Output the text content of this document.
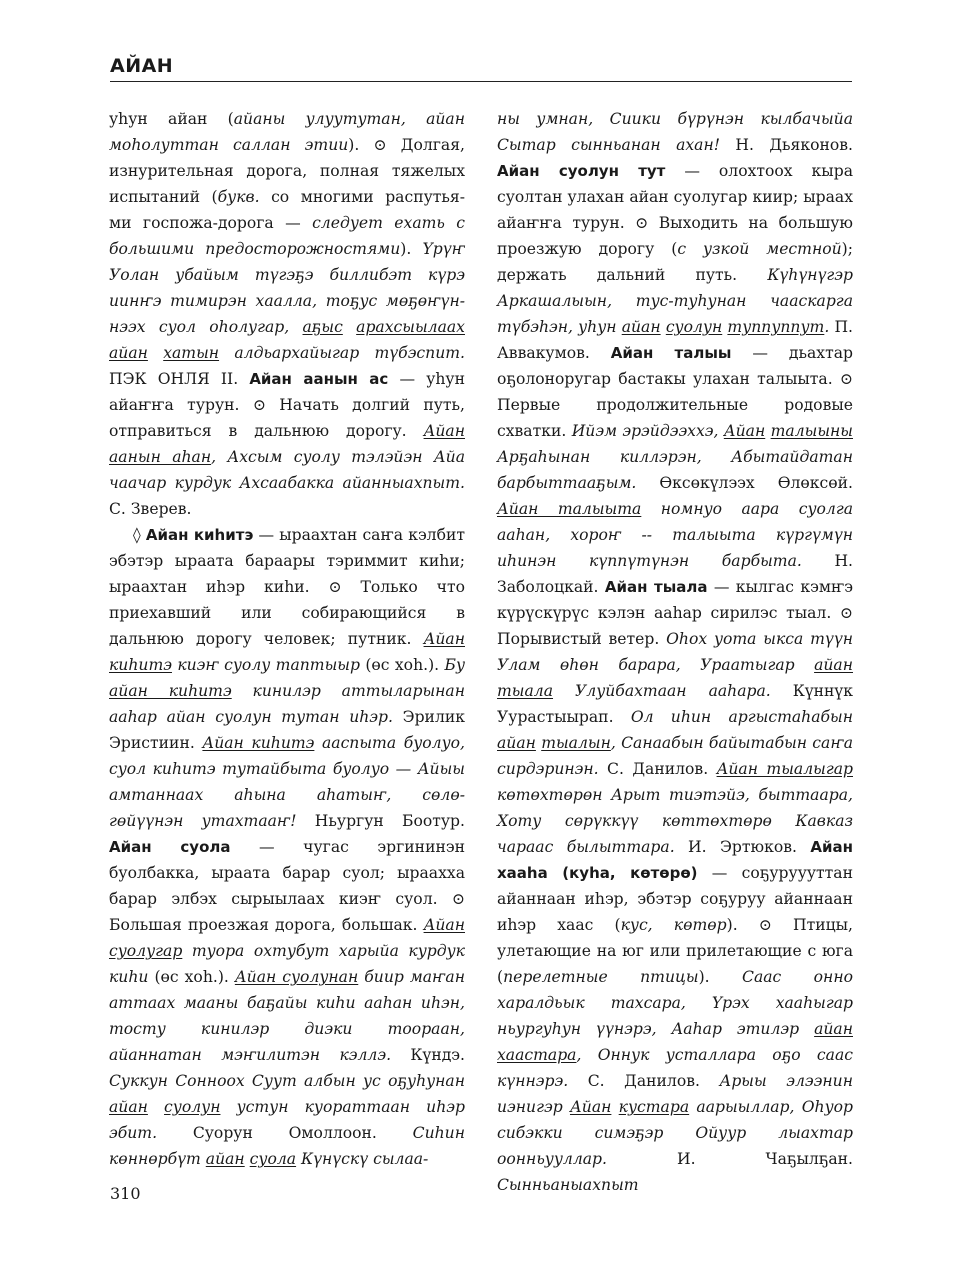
АЙАН

уһун айан (айаны улуутутан, айан моһолуттан саллан этии). ⊙ Долгая, изнурительная дорога, полная тяжелых испытаний (букв. со многими распутья- ми госпожа-дорога — следует ехать с большими предосторожностями). Үрүҥ Уолан убайым түгэҕэ биллибэт күрэ иинҥэ тимирэн хаалла, тоҕус мөҕөҥүн- нээх суол оһолугар, аҕыс арахсыылаах айан хатын алдьархайыгар түбэспит. ПЭК ОНЛЯ II. Айан аанын ас — уһун айаҥҥа турун. ⊙ Начать долгий путь, отправиться в дальнюю дорогу. Айан аанын аһан, Ахсым суолу тэлэйэн Айа чаачар курдук Ахсаабакка айанныахпыт. С. Зверев.

◊ Айан киһитэ — ыраахтан саҥа кэлбит эбэтэр ыраата бараары тэриммит киһи; ыраахтан иһэр киһи. ⊙ Только что приехавший или собирающийся в дальнюю дорогу человек; путник. Айан киһитэ киэҥ суолу таптыыр (өс хоһ.). Бу айан киһитэ кинилэр аттыларынан ааһар айан суолун тутан иһэр. Эрилик Эристиин. Айан киһитэ ааспыта буолуо, суол киһитэ тутайбыта буолуо — Айыы амтаннаах аһына аһатыҥ, сөлө- гөйүүнэн утахтааҥ! Ньургун Боотур. Айан суола — чугас эргининэн буолбакка, ыраата барар суол; ыраахха барар элбэх сырыылаах киэҥ суол. ⊙ Большая проезжая дорога, большак. Айан суолугар туора охтубут харыйа курдук киһи (өс хоһ.). Айан суолунан биир маҥан аттаах мааны баҕайы киһи ааһан иһэн, тосту кинилэр диэки тоораан, айаннатан мэҥилитэн кэллэ. Күндэ. Суккун Сонноох Суут албын ус оҕуһунан айан суолун устун куораттаан иһэр эбит. Суорун Омоллоон. Сиһин көннөрбүт айан суола Күнүскү сылаа-

ны умнан, Сиики бүрүнэн кылбачыйа Сытар сынньанан ахан! Н. Дьяконов. Айан суолун тут — олохтоох кыра суолтан улахан айан суолугар киир; ыраах айаҥҥа турун. ⊙ Выходить на большую проезжую дорогу (с узкой местной); держать дальний путь. Күһүнүгэр Аркашалыын, тус-туһунан чааскарга түбэһэн, уһун айан суолун туппуппут. П. Аввакумов. Айан талыы — дьахтар оҕолоноругар бастакы улахан талыыта. ⊙ Первые продолжительные родовые схватки. Ийэм эрэйдээххэ, Айан талыыны Арҕаһынан киллэрэн, Абытайдатан барбыттааҕым. Өксөкүлээх Өлөксөй. Айан талыыта номнуо аара суолга ааһан, хороҥ -- талыыта күргүмүн иһинэн күппүтүнэн барбыта. Н. Заболоцкай. Айан тыала — кылгас кэмҥэ күрүскүрүс кэлэн ааһар сирилэс тыал. ⊙ Порывистый ветер. Оһох уота ыкса түүн Улам өһөн барара, Ураатыгар айан тыала Улуйбахтаан ааһара. Күннүк Уурастыырап. Ол иһин аргыстаһабын айан тыалын, Санаабын байытабын саҥа сирдэринэн. С. Данилов. Айан тыалыгар көтөхтөрөн Арыт тиэтэйэ, быттаара, Хоту сөрүккүү көттөхтөрө Кавказ чараас былыттара. И. Эртюков. Айан хааһа (куһа, көтөрө) — соҕуруууттан айаннаан иһэр, эбэтэр соҕуруу айаннаан иһэр хаас (кус, көтөр). ⊙ Птицы, улетающие на юг или прилетающие с юга (перелетные птицы). Саас онно харалдьык тахсара, Үрэх хааһыгар ньургуһун үүнэрэ, Ааһар этилэр айан хаастара, Оннук усталлара оҕо саас күннэрэ. С. Данилов. Арыы элээнин иэнигэр Айан кустара аарыыллар, Оһуор сибэкки симэҕэр Ойуур лыахтар оонньууллар. И. Чаҕылҕан. Сынньаныахпыт

310
